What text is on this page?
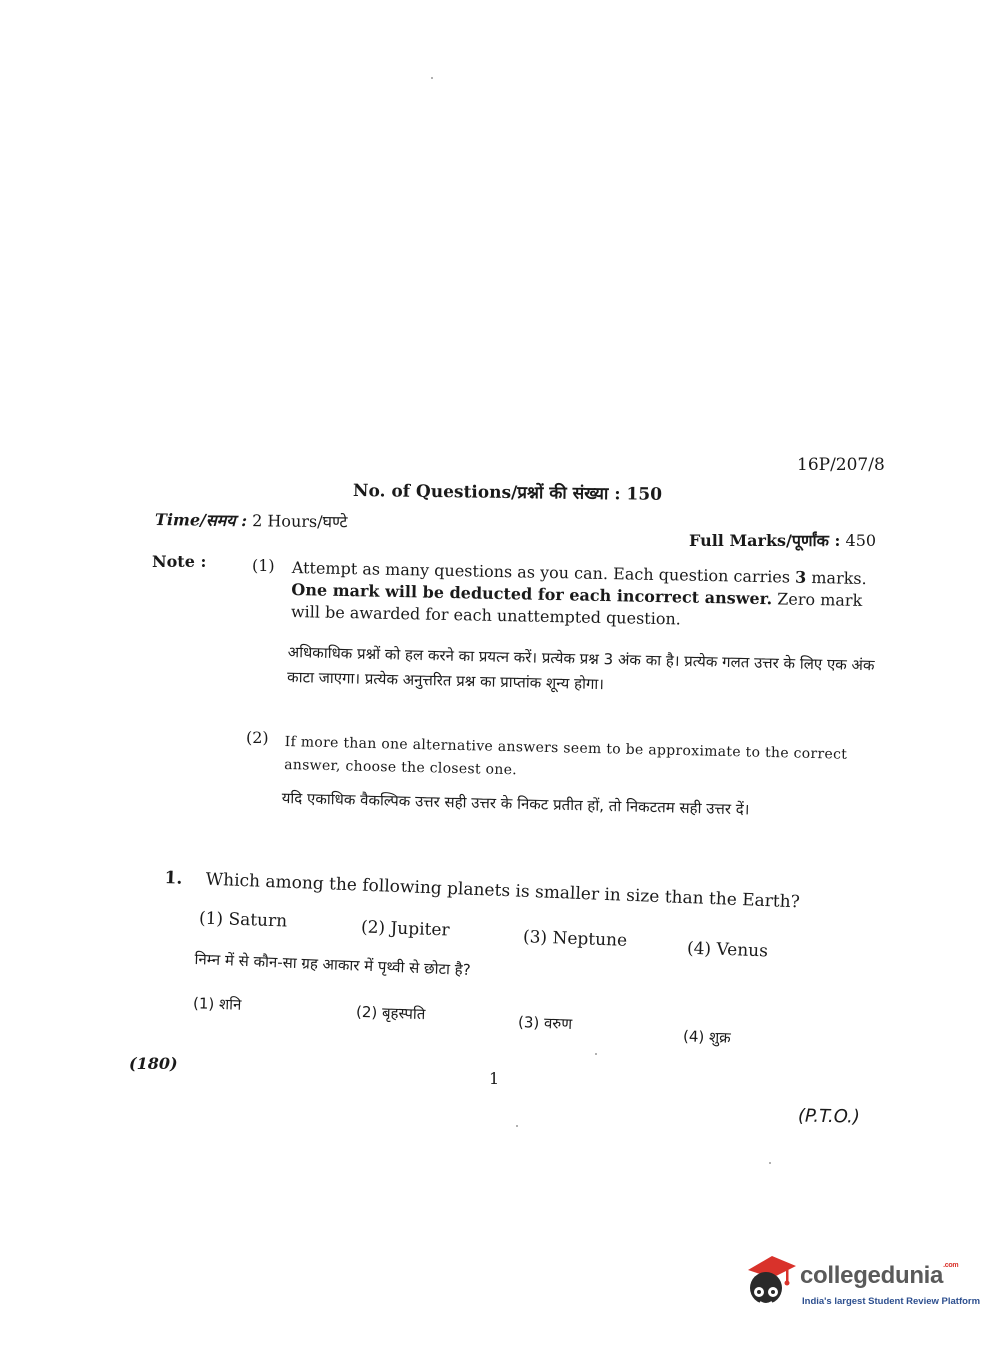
16P/207/8
No. of Questions/प्रश्नों की संख्या : 150
Time/समय : 2 Hours/घण्टे
Full Marks/पूर्णांक : 450
Note :	(1) Attempt as many questions as you can. Each question carries 3 marks. One mark will be deducted for each incorrect answer. Zero mark will be awarded for each unattempted question.
अधिकाधिक प्रश्नों को हल करने का प्रयत्न करें। प्रत्येक प्रश्न 3 अंक का है। प्रत्येक गलत उत्तर के लिए एक अंक काटा जाएगा। प्रत्येक अनुत्तरित प्रश्न का प्राप्तांक शून्य होगा।
(2) If more than one alternative answers seem to be approximate to the correct answer, choose the closest one.
यदि एकाधिक वैकल्पिक उत्तर सही उत्तर के निकट प्रतीत हों, तो निकटतम सही उत्तर दें।
1. Which among the following planets is smaller in size than the Earth?
(1) Saturn	(2) Jupiter	(3) Neptune	(4) Venus
निम्न में से कौन-सा ग्रह आकार में पृथ्वी से छोटा है?
(1) शनि	(2) बृहस्पति	(3) वरुण
(4) शुक्र
(180)
1
(P.T.O.)
collegedunia$^{.com}$
India's largest Student Review Platform
